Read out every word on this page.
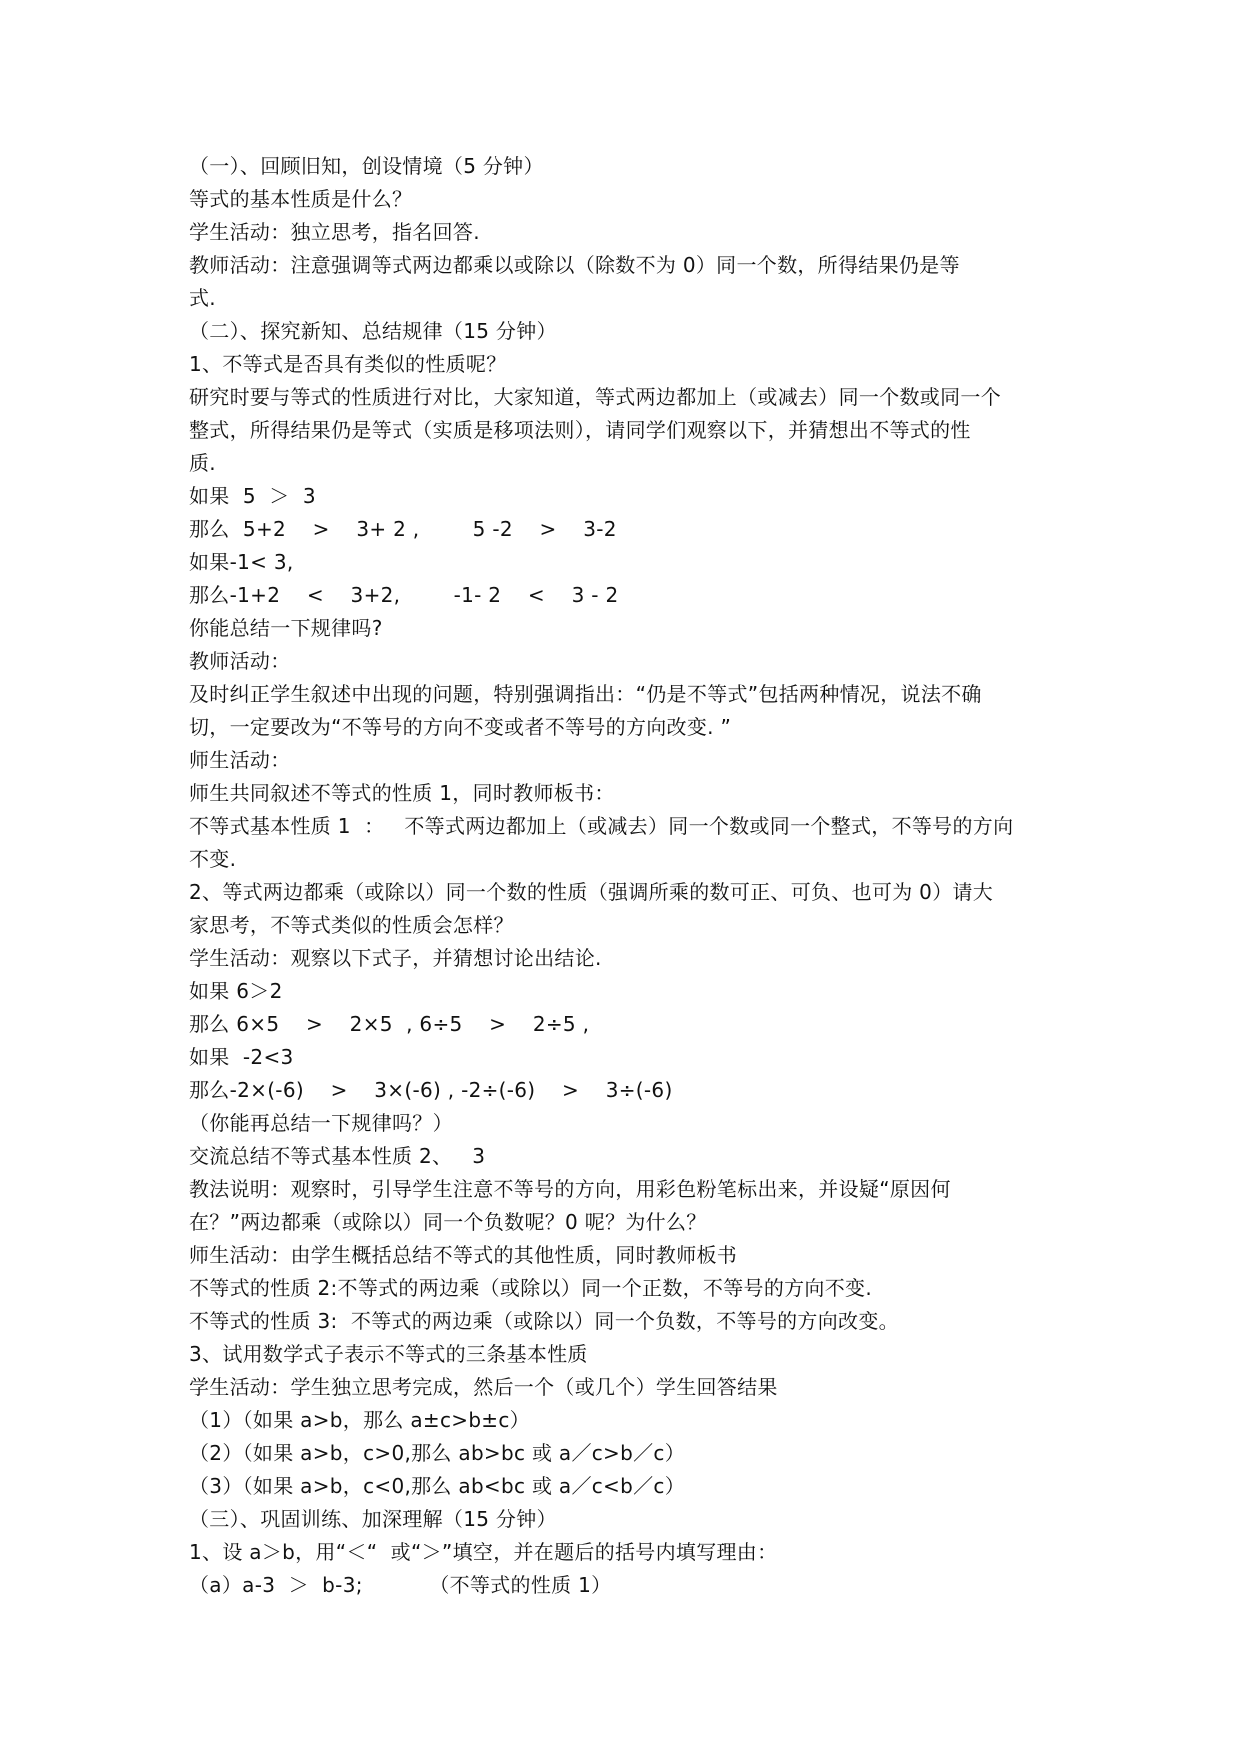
（一）、回顾旧知，创设情境（5 分钟）
等式的基本性质是什么？
学生活动：独立思考，指名回答.
教师活动：注意强调等式两边都乘以或除以（除数不为 0）同一个数，所得结果仍是等
式.
（二）、探究新知、总结规律（15 分钟）
1、不等式是否具有类似的性质呢？
研究时要与等式的性质进行对比，大家知道，等式两边都加上（或减去）同一个数或同一个
整式，所得结果仍是等式（实质是移项法则），请同学们观察以下，并猜想出不等式的性
质.
如果  5  ＞  3
那么  5+2    >    3+ 2 ,        5 -2    >    3-2
如果-1< 3,
那么-1+2    <    3+2,        -1- 2    <    3 - 2
你能总结一下规律吗?
教师活动：
及时纠正学生叙述中出现的问题，特别强调指出：“仍是不等式”包括两种情况，说法不确
切，一定要改为“不等号的方向不变或者不等号的方向改变. ”
师生活动：
师生共同叙述不等式的性质 1，同时教师板书：
不等式基本性质 1  ：   不等式两边都加上（或减去）同一个数或同一个整式，不等号的方向
不变.
2、等式两边都乘（或除以）同一个数的性质（强调所乘的数可正、可负、也可为 0）请大
家思考，不等式类似的性质会怎样？
学生活动：观察以下式子，并猜想讨论出结论.
如果 6＞2
那么 6×5    >    2×5  , 6÷5    >    2÷5 ,
如果  -2<3
那么-2×(-6)    >    3×(-6) , -2÷(-6)    >    3÷(-6)
（你能再总结一下规律吗？）
交流总结不等式基本性质 2、   3
教法说明：观察时，引导学生注意不等号的方向，用彩色粉笔标出来，并设疑“原因何
在？”两边都乘（或除以）同一个负数呢？0 呢？为什么？
师生活动：由学生概括总结不等式的其他性质，同时教师板书
不等式的性质 2:不等式的两边乘（或除以）同一个正数，不等号的方向不变.
不等式的性质 3:  不等式的两边乘（或除以）同一个负数，不等号的方向改变。
3、试用数学式子表示不等式的三条基本性质
学生活动：学生独立思考完成，然后一个（或几个）学生回答结果
（1）（如果 a>b，那么 a±c>b±c）
（2）（如果 a>b，c>0,那么 ab>bc 或 a／c>b／c）
（3）（如果 a>b，c<0,那么 ab<bc 或 a／c<b／c）
（三）、巩固训练、加深理解（15 分钟）
1、设 a＞b，用“＜“  或“＞”填空，并在题后的括号内填写理由：
（a）a-3  ＞  b-3;          （不等式的性质 1）
